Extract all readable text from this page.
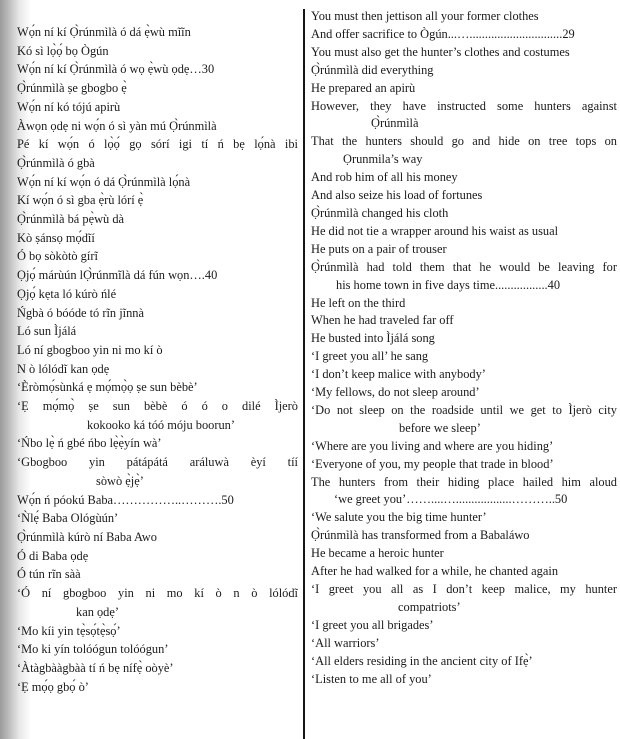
Wọ́n ní kí Ọ̀rúnmìlà ó dá ẹ̀wù mĩĩn
Kó sì lọ̀ọ́ bọ Ògún
Wọ́n ní kí Ọ̀rúnmìlà ó wọ ẹ̀wù ọdẹ…30
Ọ̀rúnmìlà ṣe gbogbo ẹ̀
Wọ́n ní kó tójú apirù
Àwọn ọdẹ ni wọ́n ó sì yàn mú Ọ̀rúnmìlà
Pé kí wọ́n ó lọ̀ọ́ gọ sórí igi tí ń bẹ lọ́nà ibi
Ọ̀rúnmìlà ó gbà
Wọ́n ní kí wọ́n ó dá Ọ̀rúnmìlà lọ́nà
Kí wọ́n ó sì gba ẹ̀rù lórí ẹ̀
Ọ̀rúnmìlà bá pẹ̀wù dà
Kò ṣánsọ mọ́dĩí
Ó bọ sòkòtò gírĩ
Ọjọ́ márùún lỌ̀rúnmĩlà dá fún wọn….40
Ọjọ́ kẹta ló kúrò ńlé
Ńgbà ó bóóde tó rĩn jĩnnà
Ló sun Ìjálá
Ló ní gbogboo yin ni mo kí ò
N ò lólódĩ kan ọdẹ
‘Èròmọ́sùnká ẹ mọ́mọ̀ọ ṣe sun bèbè’
‘Ẹ mọ́mọ̀ ṣe sun bèbè ó ó o dilé Ìjerò
kokooko ká tóó móju boorun’
‘Ńbo lẹ̀ ń gbé ńbo lẹ̀ẹ̀yín wà’
‘Gbogboo yin pátápátá aráluwà èyí tíí
sòwò ẹ̀jẹ̀’
Wọ́n ń póokú Baba……………..……….50
‘Ǹlẹ́ Baba Ológùún’
Ọ̀rúnmìlà kúrò ní Baba Awo
Ó di Baba ọdẹ
Ó tún rĩn sàà
‘Ó ní gbogboo yin ni mo kí ò n ò lólódĩ
kan ọdẹ’
‘Mo kíi yin tẹ̀sọ́tẹ̀sọ́’
‘Mo ki yín tolóógun tolóógun’
‘Àtàgbààgbàà tí ń bẹ nífẹ̀ oòyè’
‘Ẹ mọ́ọ gbọ́ ò’
You must then jettison all your former clothes
And offer sacrifice to Ògún...…..............................29
You must also get the hunter’s clothes and costumes
Ọ̀rúnmìlà did everything
He prepared an apirù
However, they have instructed some hunters against
Ọ̀rúnmìlà
That the hunters should go and hide on tree tops on
Ọrunmila’s way
And rob him of all his money
And also seize his load of fortunes
Ọ̀rúnmìlà changed his cloth
He did not tie a wrapper around his waist as usual
He puts on a pair of trouser
Ọ̀rúnmìlà had told them that he would be leaving for
his home town in five days time.................40
He left on the third
When he had traveled far off
He busted into Ìjálá song
‘I greet you all’ he sang
‘I don’t keep malice with anybody’
‘My fellows, do not sleep around’
‘Do not sleep on the roadside until we get to Ìjerò city
before we sleep’
‘Where are you living and where are you hiding’
‘Everyone of you, my people that trade in blood’
The hunters from their hiding place hailed him aloud
‘we greet you’……....…..................………..50
‘We salute you the big time hunter’
Ọ̀rúnmìlà has transformed from a Babaláwo
He became a heroic hunter
After he had walked for a while, he chanted again
‘I greet you all as I don’t keep malice, my hunter
compatriots’
‘I greet you all brigades’
‘All warriors’
‘All elders residing in the ancient city of Ifẹ̀’
‘Listen to me all of you’
